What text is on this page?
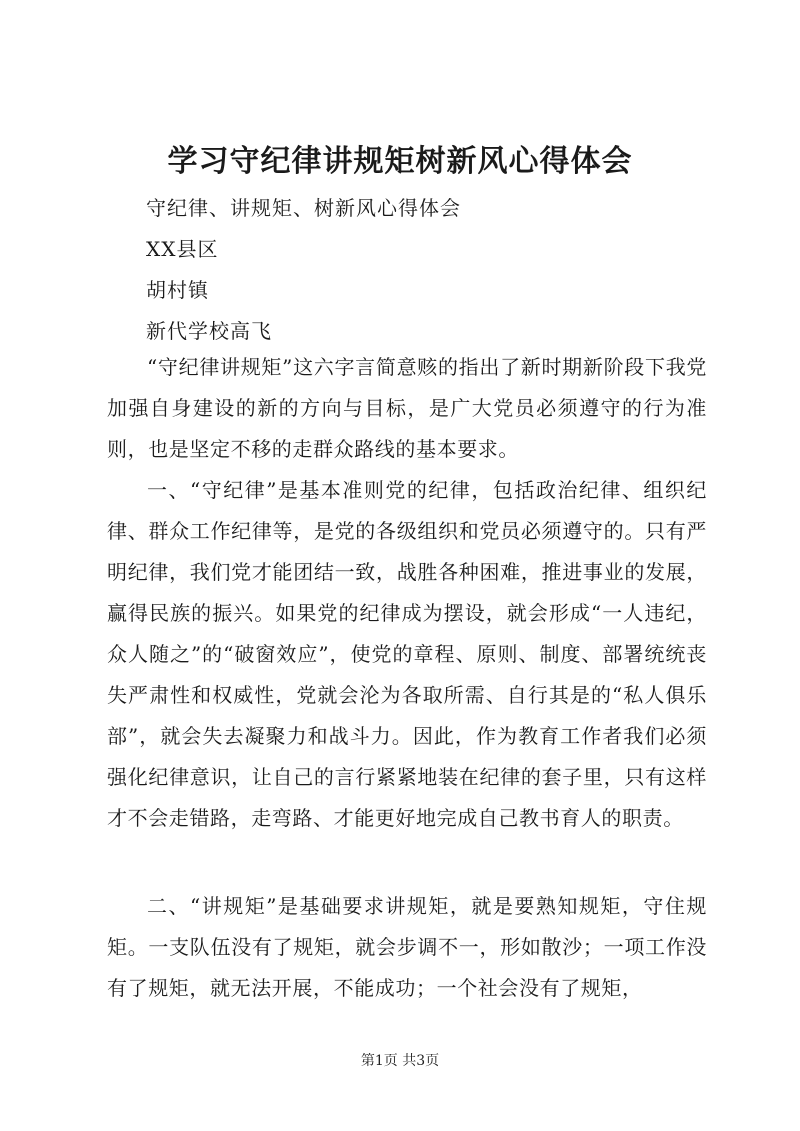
学习守纪律讲规矩树新风心得体会
守纪律、讲规矩、树新风心得体会
XX县区
胡村镇
新代学校高飞

“守纪律讲规矩”这六字言简意赅的指出了新时期新阶段下我党加强自身建设的新的方向与目标，是广大党员必须遵守的行为准则，也是坚定不移的走群众路线的基本要求。

一、“守纪律”是基本准则党的纪律，包括政治纪律、组织纪律、群众工作纪律等，是党的各级组织和党员必须遵守的。只有严明纪律，我们党才能团结一致，战胜各种困难，推进事业的发展，赢得民族的振兴。如果党的纪律成为摆设，就会形成“一人违纪，众人随之”的“破窗效应”，使党的章程、原则、制度、部署统统丧失严肃性和权威性，党就会沦为各取所需、自行其是的“私人俱乐部”，就会失去凝聚力和战斗力。因此，作为教育工作者我们必须强化纪律意识，让自己的言行紧紧地装在纪律的套子里，只有这样才不会走错路，走弯路、才能更好地完成自己教书育人的职责。

二、“讲规矩”是基础要求讲规矩，就是要熟知规矩，守住规矩。一支队伍没有了规矩，就会步调不一，形如散沙；一项工作没有了规矩，就无法开展，不能成功；一个社会没有了规矩，

第1页 共3页
